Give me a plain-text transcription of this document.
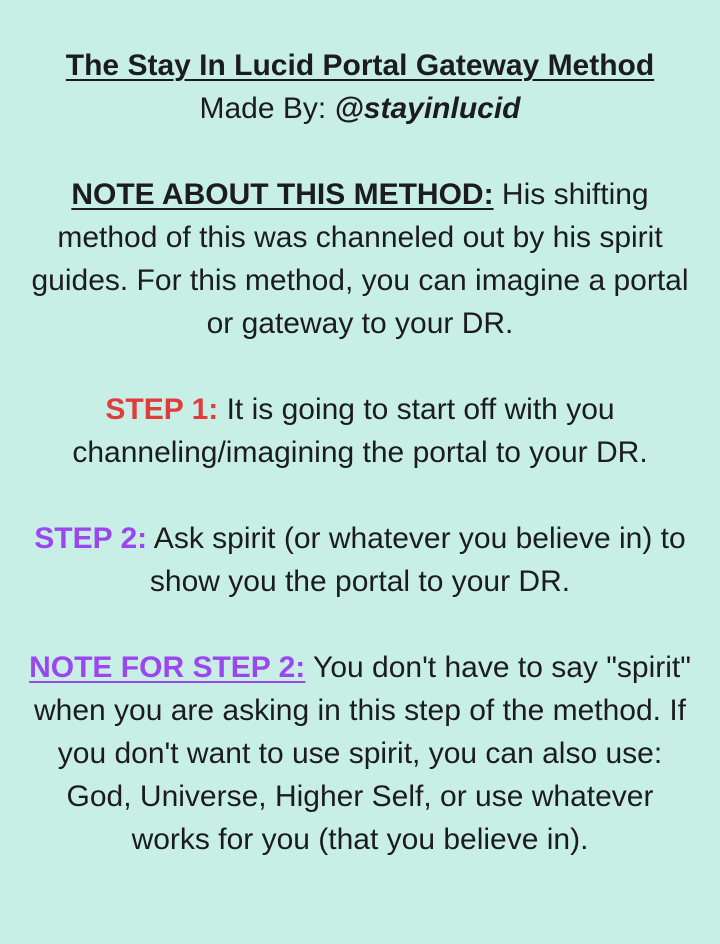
The Stay In Lucid Portal Gateway Method
Made By: @stayinlucid

NOTE ABOUT THIS METHOD: His shifting method of this was channeled out by his spirit guides. For this method, you can imagine a portal or gateway to your DR.

STEP 1: It is going to start off with you channeling/imagining the portal to your DR.

STEP 2: Ask spirit (or whatever you believe in) to show you the portal to your DR.

NOTE FOR STEP 2: You don't have to say "spirit" when you are asking in this step of the method. If you don't want to use spirit, you can also use: God, Universe, Higher Self, or use whatever works for you (that you believe in).
